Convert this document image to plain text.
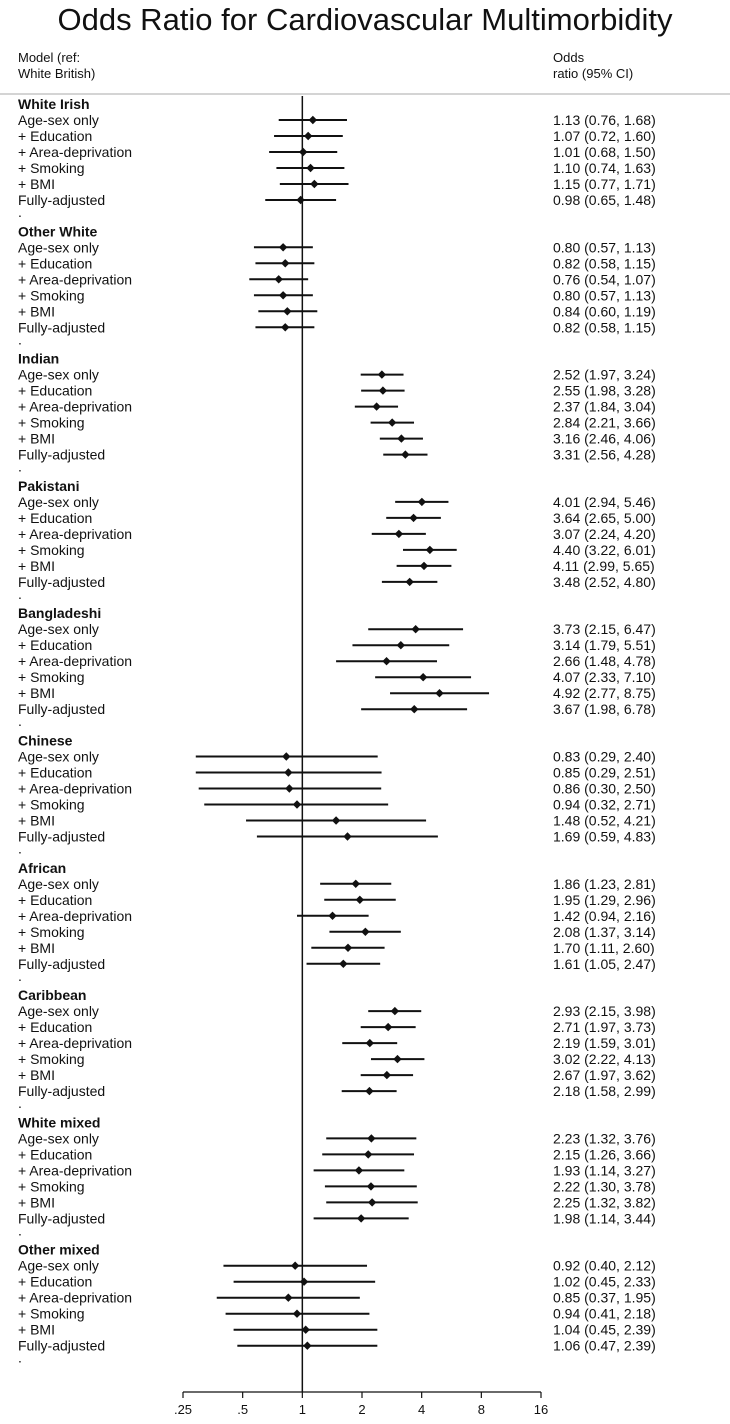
Odds Ratio for Cardiovascular Multimorbidity
Model (ref:
White British)
Odds
ratio (95% CI)
White Irish
Age-sex only	1.13 (0.76, 1.68)
+ Education	1.07 (0.72, 1.60)
+ Area-deprivation	1.01 (0.68, 1.50)
+ Smoking	1.10 (0.74, 1.63)
+ BMI	1.15 (0.77, 1.71)
Fully-adjusted	0.98 (0.65, 1.48)
.
Other White
Age-sex only	0.80 (0.57, 1.13)
+ Education	0.82 (0.58, 1.15)
+ Area-deprivation	0.76 (0.54, 1.07)
+ Smoking	0.80 (0.57, 1.13)
+ BMI	0.84 (0.60, 1.19)
Fully-adjusted	0.82 (0.58, 1.15)
.
Indian
Age-sex only	2.52 (1.97, 3.24)
+ Education	2.55 (1.98, 3.28)
+ Area-deprivation	2.37 (1.84, 3.04)
+ Smoking	2.84 (2.21, 3.66)
+ BMI	3.16 (2.46, 4.06)
Fully-adjusted	3.31 (2.56, 4.28)
.
Pakistani
Age-sex only	4.01 (2.94, 5.46)
+ Education	3.64 (2.65, 5.00)
+ Area-deprivation	3.07 (2.24, 4.20)
+ Smoking	4.40 (3.22, 6.01)
+ BMI	4.11 (2.99, 5.65)
Fully-adjusted	3.48 (2.52, 4.80)
.
Bangladeshi
Age-sex only	3.73 (2.15, 6.47)
+ Education	3.14 (1.79, 5.51)
+ Area-deprivation	2.66 (1.48, 4.78)
+ Smoking	4.07 (2.33, 7.10)
+ BMI	4.92 (2.77, 8.75)
Fully-adjusted	3.67 (1.98, 6.78)
.
Chinese
Age-sex only	0.83 (0.29, 2.40)
+ Education	0.85 (0.29, 2.51)
+ Area-deprivation	0.86 (0.30, 2.50)
+ Smoking	0.94 (0.32, 2.71)
+ BMI	1.48 (0.52, 4.21)
Fully-adjusted	1.69 (0.59, 4.83)
.
African
Age-sex only	1.86 (1.23, 2.81)
+ Education	1.95 (1.29, 2.96)
+ Area-deprivation	1.42 (0.94, 2.16)
+ Smoking	2.08 (1.37, 3.14)
+ BMI	1.70 (1.11, 2.60)
Fully-adjusted	1.61 (1.05, 2.47)
.
Caribbean
Age-sex only	2.93 (2.15, 3.98)
+ Education	2.71 (1.97, 3.73)
+ Area-deprivation	2.19 (1.59, 3.01)
+ Smoking	3.02 (2.22, 4.13)
+ BMI	2.67 (1.97, 3.62)
Fully-adjusted	2.18 (1.58, 2.99)
.
White mixed
Age-sex only	2.23 (1.32, 3.76)
+ Education	2.15 (1.26, 3.66)
+ Area-deprivation	1.93 (1.14, 3.27)
+ Smoking	2.22 (1.30, 3.78)
+ BMI	2.25 (1.32, 3.82)
Fully-adjusted	1.98 (1.14, 3.44)
.
Other mixed
Age-sex only	0.92 (0.40, 2.12)
+ Education	1.02 (0.45, 2.33)
+ Area-deprivation	0.85 (0.37, 1.95)
+ Smoking	0.94 (0.41, 2.18)
+ BMI	1.04 (0.45, 2.39)
Fully-adjusted	1.06 (0.47, 2.39)
.
.25	.5	1	2	4	8	16
